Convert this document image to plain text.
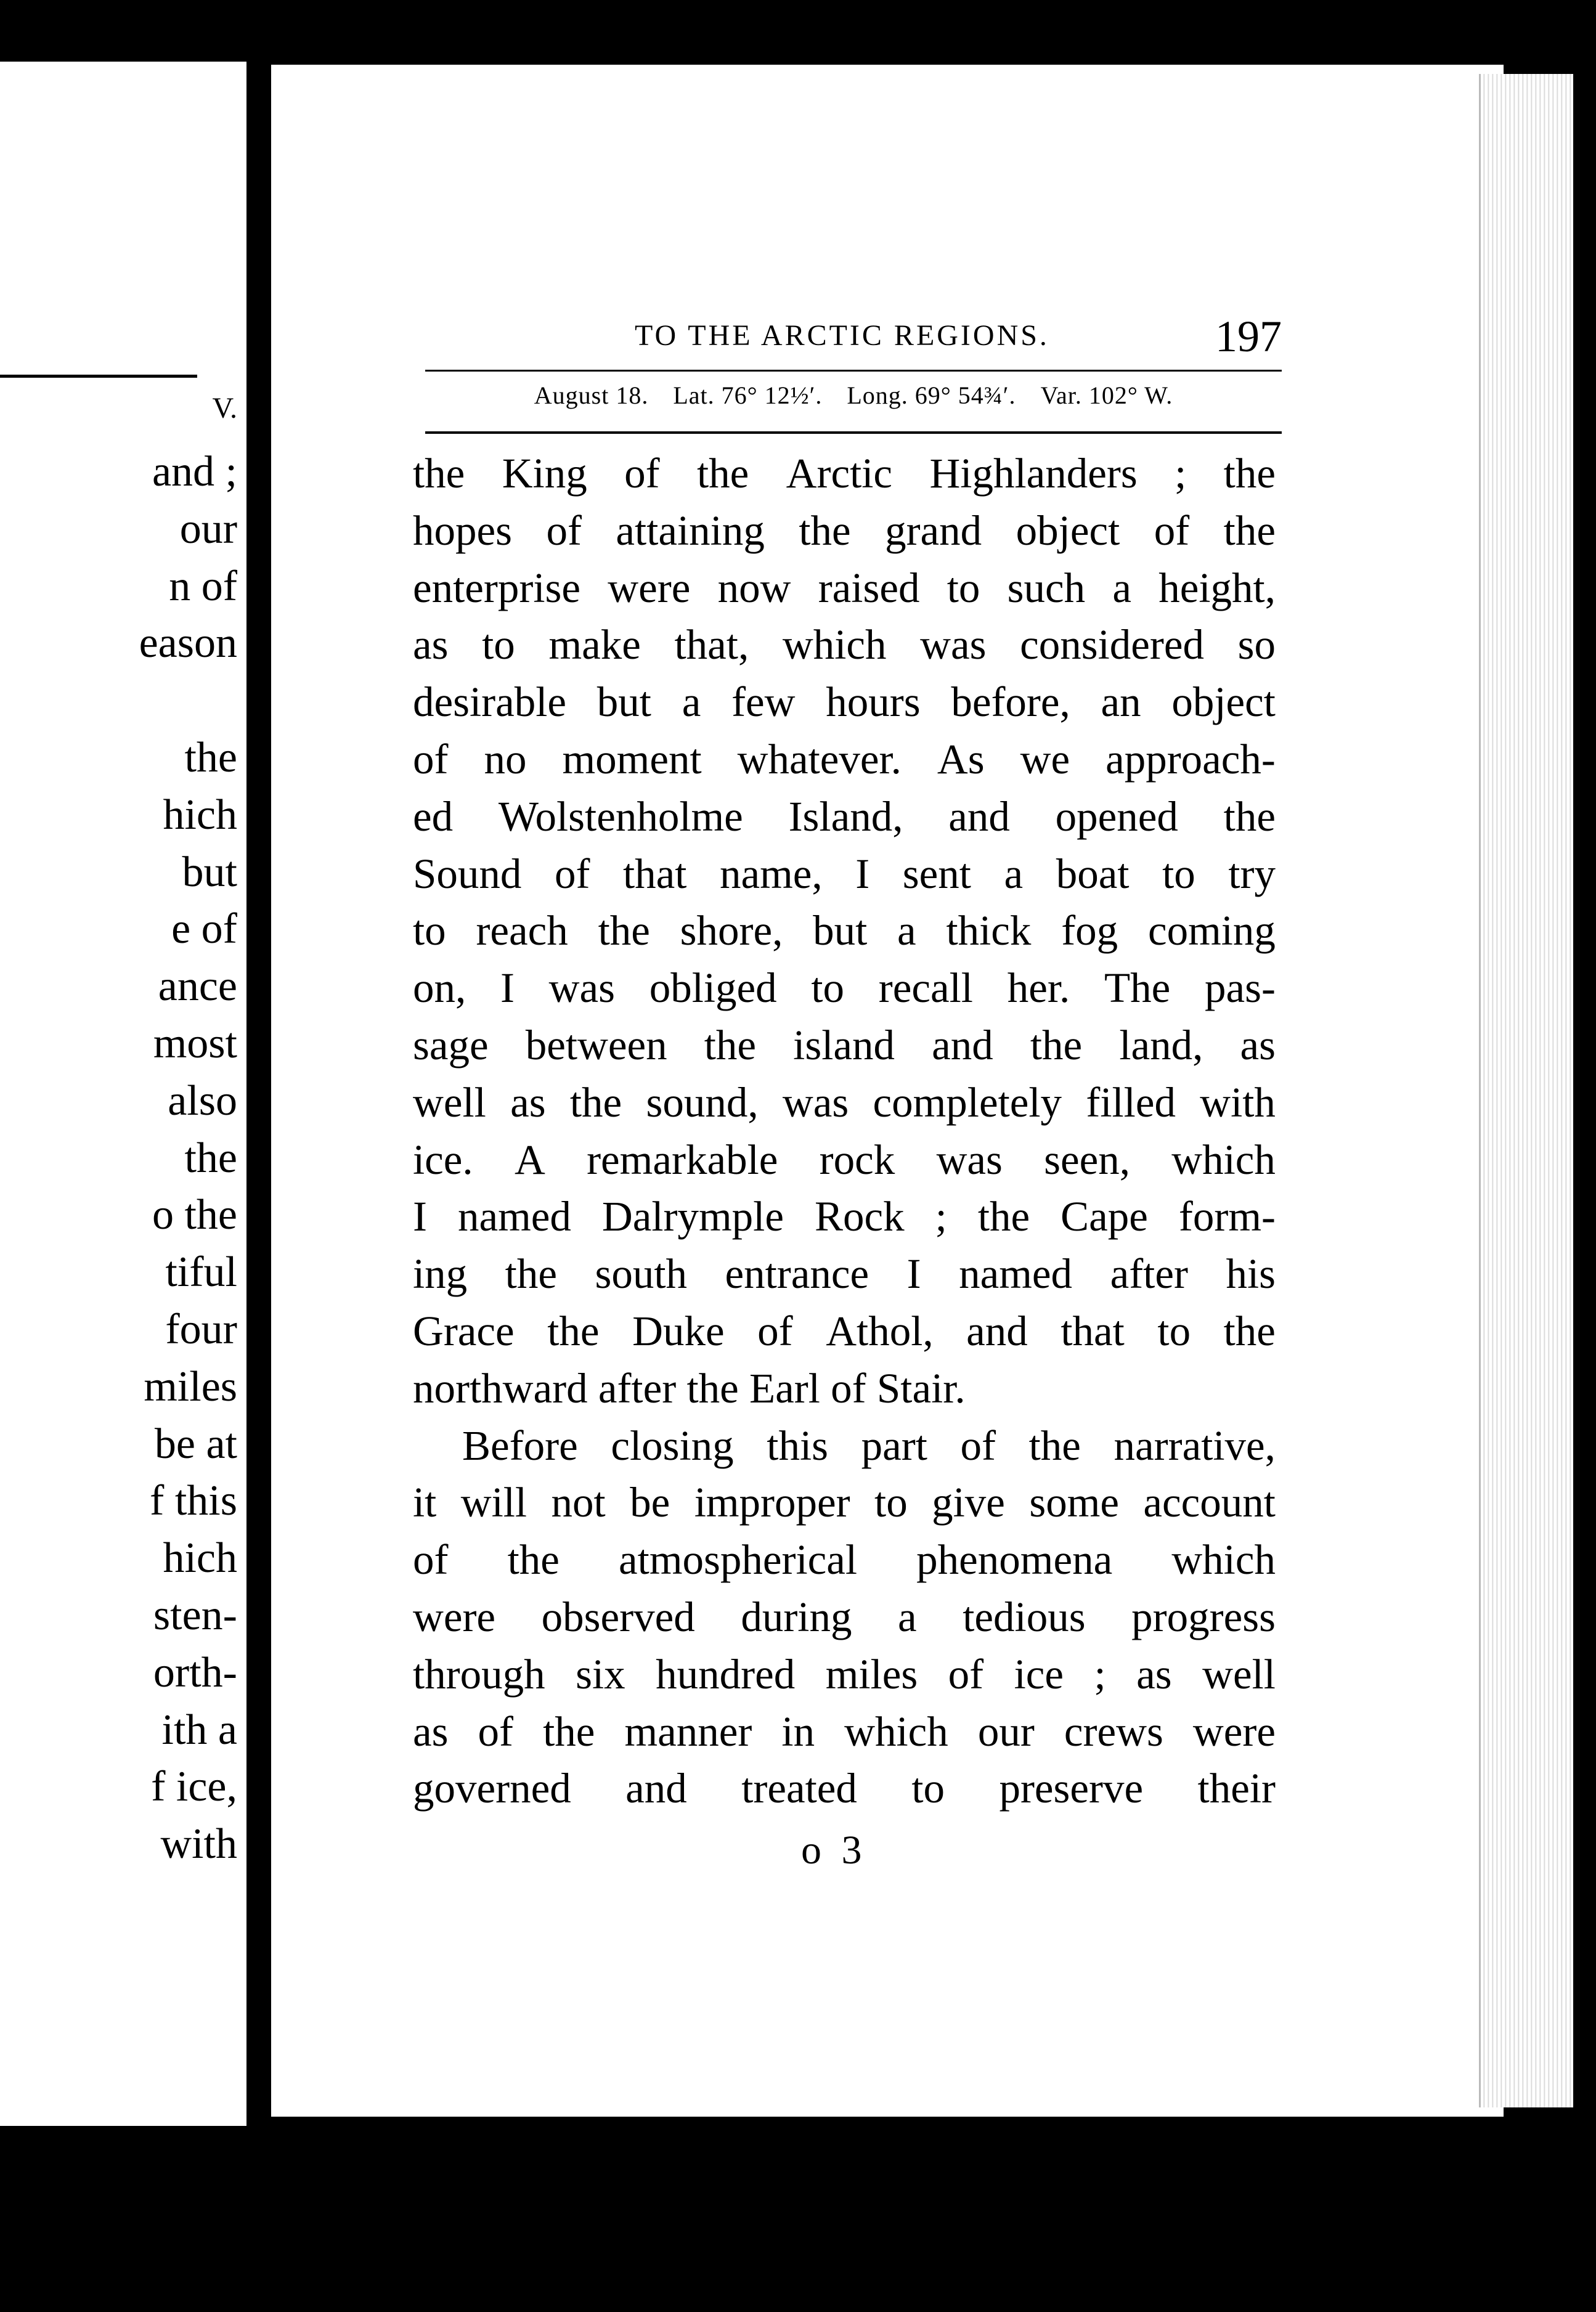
V.
and ;
our
n of
eason
the
hich
but
e of
ance
most
also
the
o the
tiful
four
miles
be at
f this
hich
sten-
orth-
ith a
f ice,
with
TO THE ARCTIC REGIONS.	197
August 18. Lat. 76° 12½′. Long. 69° 54¾′. Var. 102° W.
the King of the Arctic Highlanders ; the
hopes of attaining the grand object of the
enterprise were now raised to such a height,
as to make that, which was considered so
desirable but a few hours before, an object
of no moment whatever. As we approach-
ed Wolstenholme Island, and opened the
Sound of that name, I sent a boat to try
to reach the shore, but a thick fog coming
on, I was obliged to recall her. The pas-
sage between the island and the land, as
well as the sound, was completely filled with
ice. A remarkable rock was seen, which
I named Dalrymple Rock ; the Cape form-
ing the south entrance I named after his
Grace the Duke of Athol, and that to the
northward after the Earl of Stair.
Before closing this part of the narrative,
it will not be improper to give some account
of the atmospherical phenomena which
were observed during a tedious progress
through six hundred miles of ice ; as well
as of the manner in which our crews were
governed and treated to preserve their
o 3
